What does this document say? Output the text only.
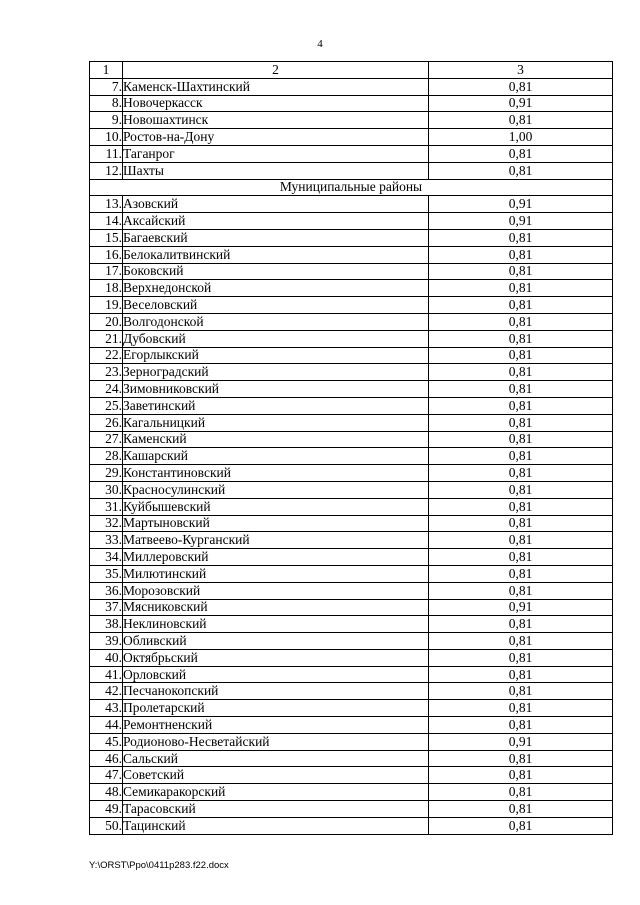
4
1	2	3
7.	Каменск-Шахтинский	0,81
8.	Новочеркасск	0,91
9.	Новошахтинск	0,81
10.	Ростов-на-Дону	1,00
11.	Таганрог	0,81
12.	Шахты	0,81
Муниципальные районы		
13.	Азовский	0,91
14.	Аксайский	0,91
15.	Багаевский	0,81
16.	Белокалитвинский	0,81
17.	Боковский	0,81
18.	Верхнедонской	0,81
19.	Веселовский	0,81
20.	Волгодонской	0,81
21.	Дубовский	0,81
22.	Егорлыкский	0,81
23.	Зерноградский	0,81
24.	Зимовниковский	0,81
25.	Заветинский	0,81
26.	Кагальницкий	0,81
27.	Каменский	0,81
28.	Кашарский	0,81
29.	Константиновский	0,81
30.	Красносулинский	0,81
31.	Куйбышевский	0,81
32.	Мартыновский	0,81
33.	Матвеево-Курганский	0,81
34.	Миллеровский	0,81
35.	Милютинский	0,81
36.	Морозовский	0,81
37.	Мясниковский	0,91
38.	Неклиновский	0,81
39.	Обливский	0,81
40.	Октябрьский	0,81
41.	Орловский	0,81
42.	Песчанокопский	0,81
43.	Пролетарский	0,81
44.	Ремонтненский	0,81
45.	Родионово-Несветайский	0,91
46.	Сальский	0,81
47.	Советский	0,81
48.	Семикаракорский	0,81
49.	Тарасовский	0,81
50.	Тацинский	0,81
Y:\ORST\Ppo\0411p283.f22.docx
